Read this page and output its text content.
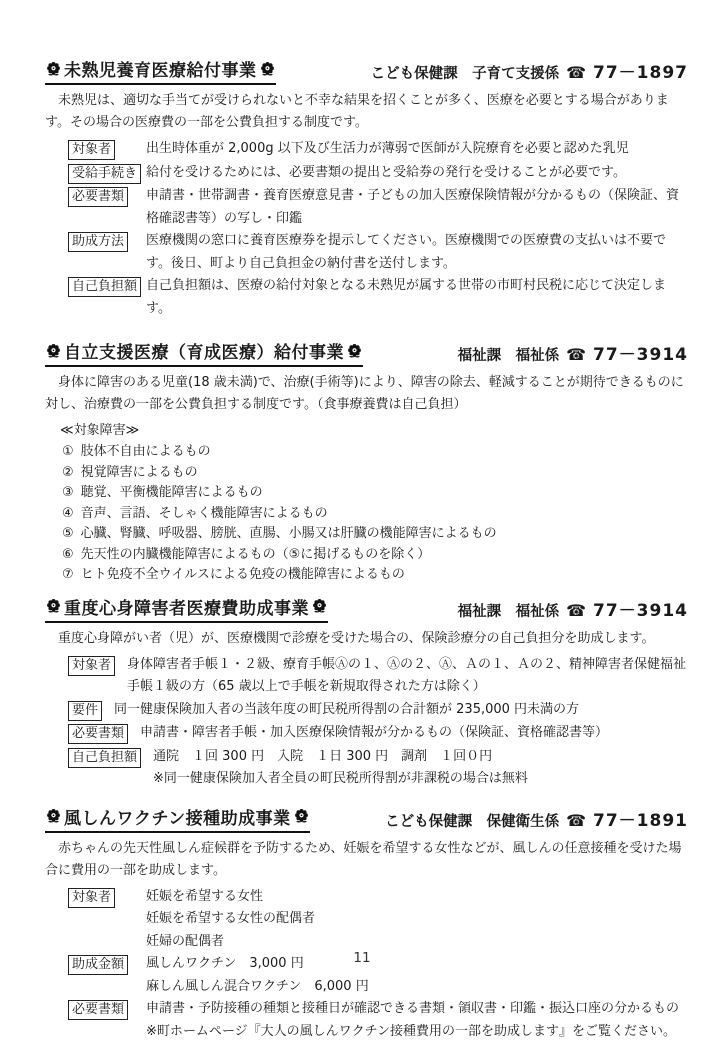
未熟児養育医療給付事業	こども保健課　子育て支援係 ☎ 77－1897

未熟児は、適切な手当てが受けられないと不幸な結果を招くことが多く、医療を必要とする場合があります。その場合の医療費の一部を公費負担する制度です。

対象者	出生時体重が 2,000g 以下及び生活力が薄弱で医師が入院療育を必要と認めた乳児
受給手続き 給付を受けるためには、必要書類の提出と受給券の発行を受けることが必要です。
必要書類	申請書・世帯調書・養育医療意見書・子どもの加入医療保険情報が分かるもの（保険証、資格確認書等）の写し・印鑑
助成方法	医療機関の窓口に養育医療券を提示してください。医療機関での医療費の支払いは不要です。後日、町より自己負担金の納付書を送付します。
自己負担額 自己負担額は、医療の給付対象となる未熟児が属する世帯の市町村民税に応じて決定します。
自立支援医療（育成医療）給付事業	福祉課　福祉係 ☎ 77－3914

身体に障害のある児童(18 歳未満)で、治療(手術等)により、障害の除去、軽減することが期待できるものに対し、治療費の一部を公費負担する制度です。（食事療養費は自己負担）

≪対象障害≫
① 肢体不自由によるもの
② 視覚障害によるもの
③ 聴覚、平衡機能障害によるもの
④ 音声、言語、そしゃく機能障害によるもの
⑤ 心臓、腎臓、呼吸器、膀胱、直腸、小腸又は肝臓の機能障害によるもの
⑥ 先天性の内臓機能障害によるもの（⑤に掲げるものを除く）
⑦ ヒト免疫不全ウイルスによる免疫の機能障害によるもの
重度心身障害者医療費助成事業	福祉課　福祉係 ☎ 77－3914

重度心身障がい者（児）が、医療機関で診療を受けた場合の、保険診療分の自己負担分を助成します。

対象者	身体障害者手帳１・２級、療育手帳Ⓐの１、Ⓐの２、Ⓐ、Ａの１、Ａの２、精神障害者保健福祉手帳１級の方（65 歳以上で手帳を新規取得された方は除く）
要件	同一健康保険加入者の当該年度の町民税所得割の合計額が 235,000 円未満の方
必要書類	申請書・障害者手帳・加入医療保険情報が分かるもの（保険証、資格確認書等）
自己負担額	通院　１回 300 円　入院　１日 300 円　調剤　１回０円
※同一健康保険加入者全員の町民税所得割が非課税の場合は無料
風しんワクチン接種助成事業	こども保健課　保健衛生係 ☎ 77－1891

赤ちゃんの先天性風しん症候群を予防するため、妊娠を希望する女性などが、風しんの任意接種を受けた場合に費用の一部を助成します。

対象者	妊娠を希望する女性
妊娠を希望する女性の配偶者
妊婦の配偶者
助成金額	風しんワクチン　3,000 円
麻しん風しん混合ワクチン　6,000 円
必要書類	申請書・予防接種の種類と接種日が確認できる書類・領収書・印鑑・振込口座の分かるもの
※町ホームページ『大人の風しんワクチン接種費用の一部を助成します』をご覧ください。
11
